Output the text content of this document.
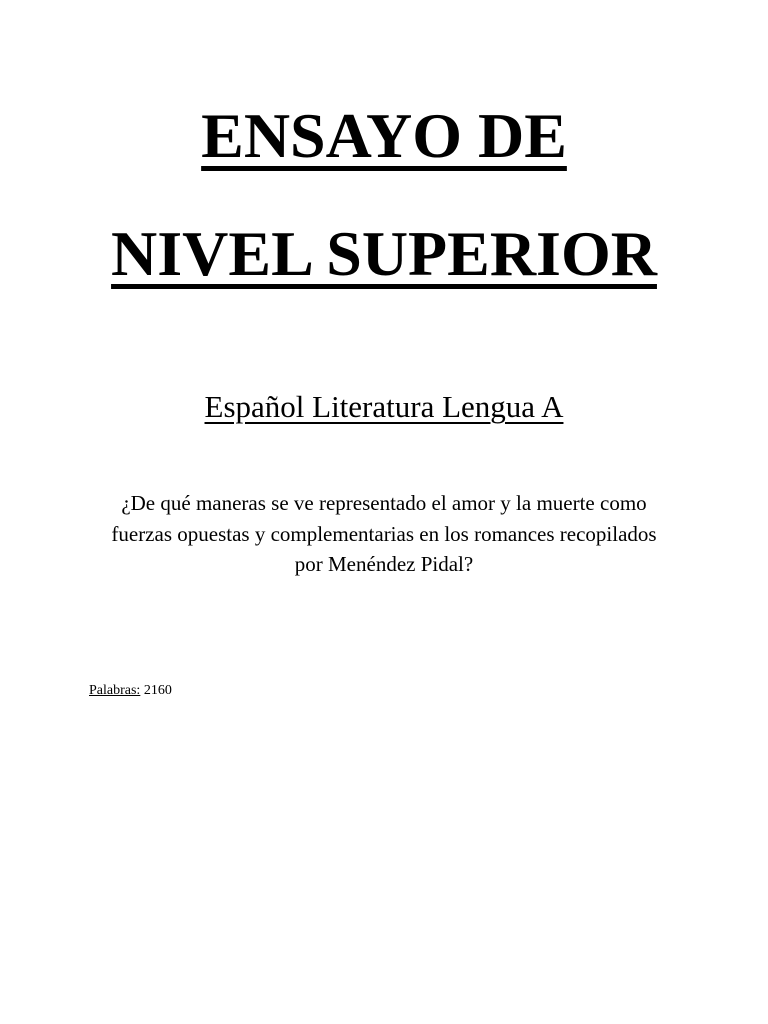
ENSAYO DE
NIVEL SUPERIOR
Español Literatura Lengua A

¿De qué maneras se ve representado el amor y la muerte como

fuerzas opuestas y complementarias en los romances recopilados

por Menéndez Pidal?

Palabras: 2160
